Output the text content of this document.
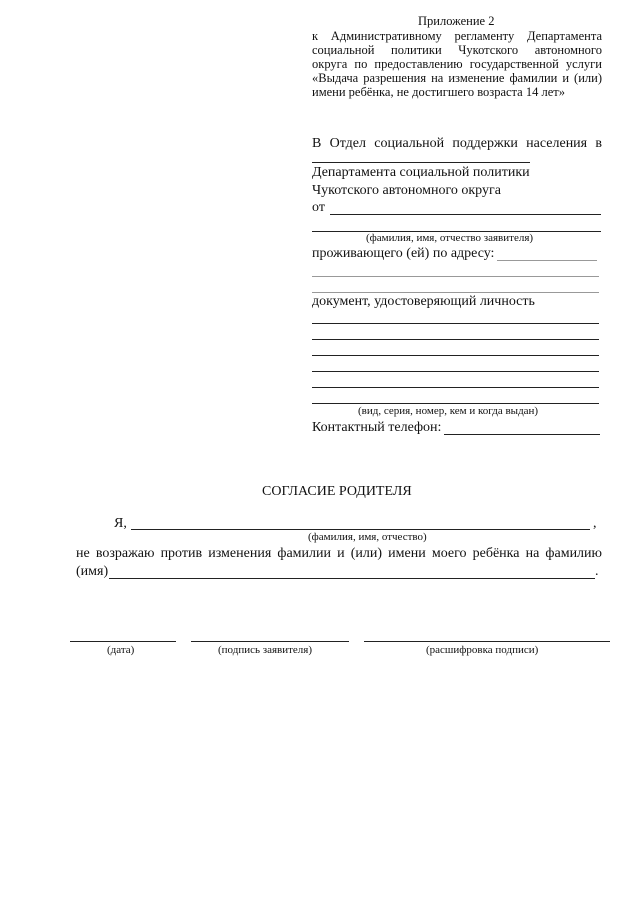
Приложение 2
к Административному регламенту Департамента
социальной политики Чукотского автономного
округа по предоставлению государственной услуги
«Выдача разрешения на изменение фамилии и (или)
имени ребёнка, не достигшего возраста 14 лет»
В Отдел социальной поддержки населения в
Департамента социальной политики
Чукотского автономного округа
от
(фамилия, имя, отчество заявителя)
проживающего (ей) по адресу:
документ, удостоверяющий личность
(вид, серия, номер, кем и когда выдан)
Контактный телефон:
СОГЛАСИЕ РОДИТЕЛЯ
Я,	,
(фамилия, имя, отчество)
не возражаю против изменения фамилии и (или) имени моего ребёнка на фамилию
(имя)	.
(дата)	(подпись заявителя)	(расшифровка подписи)
